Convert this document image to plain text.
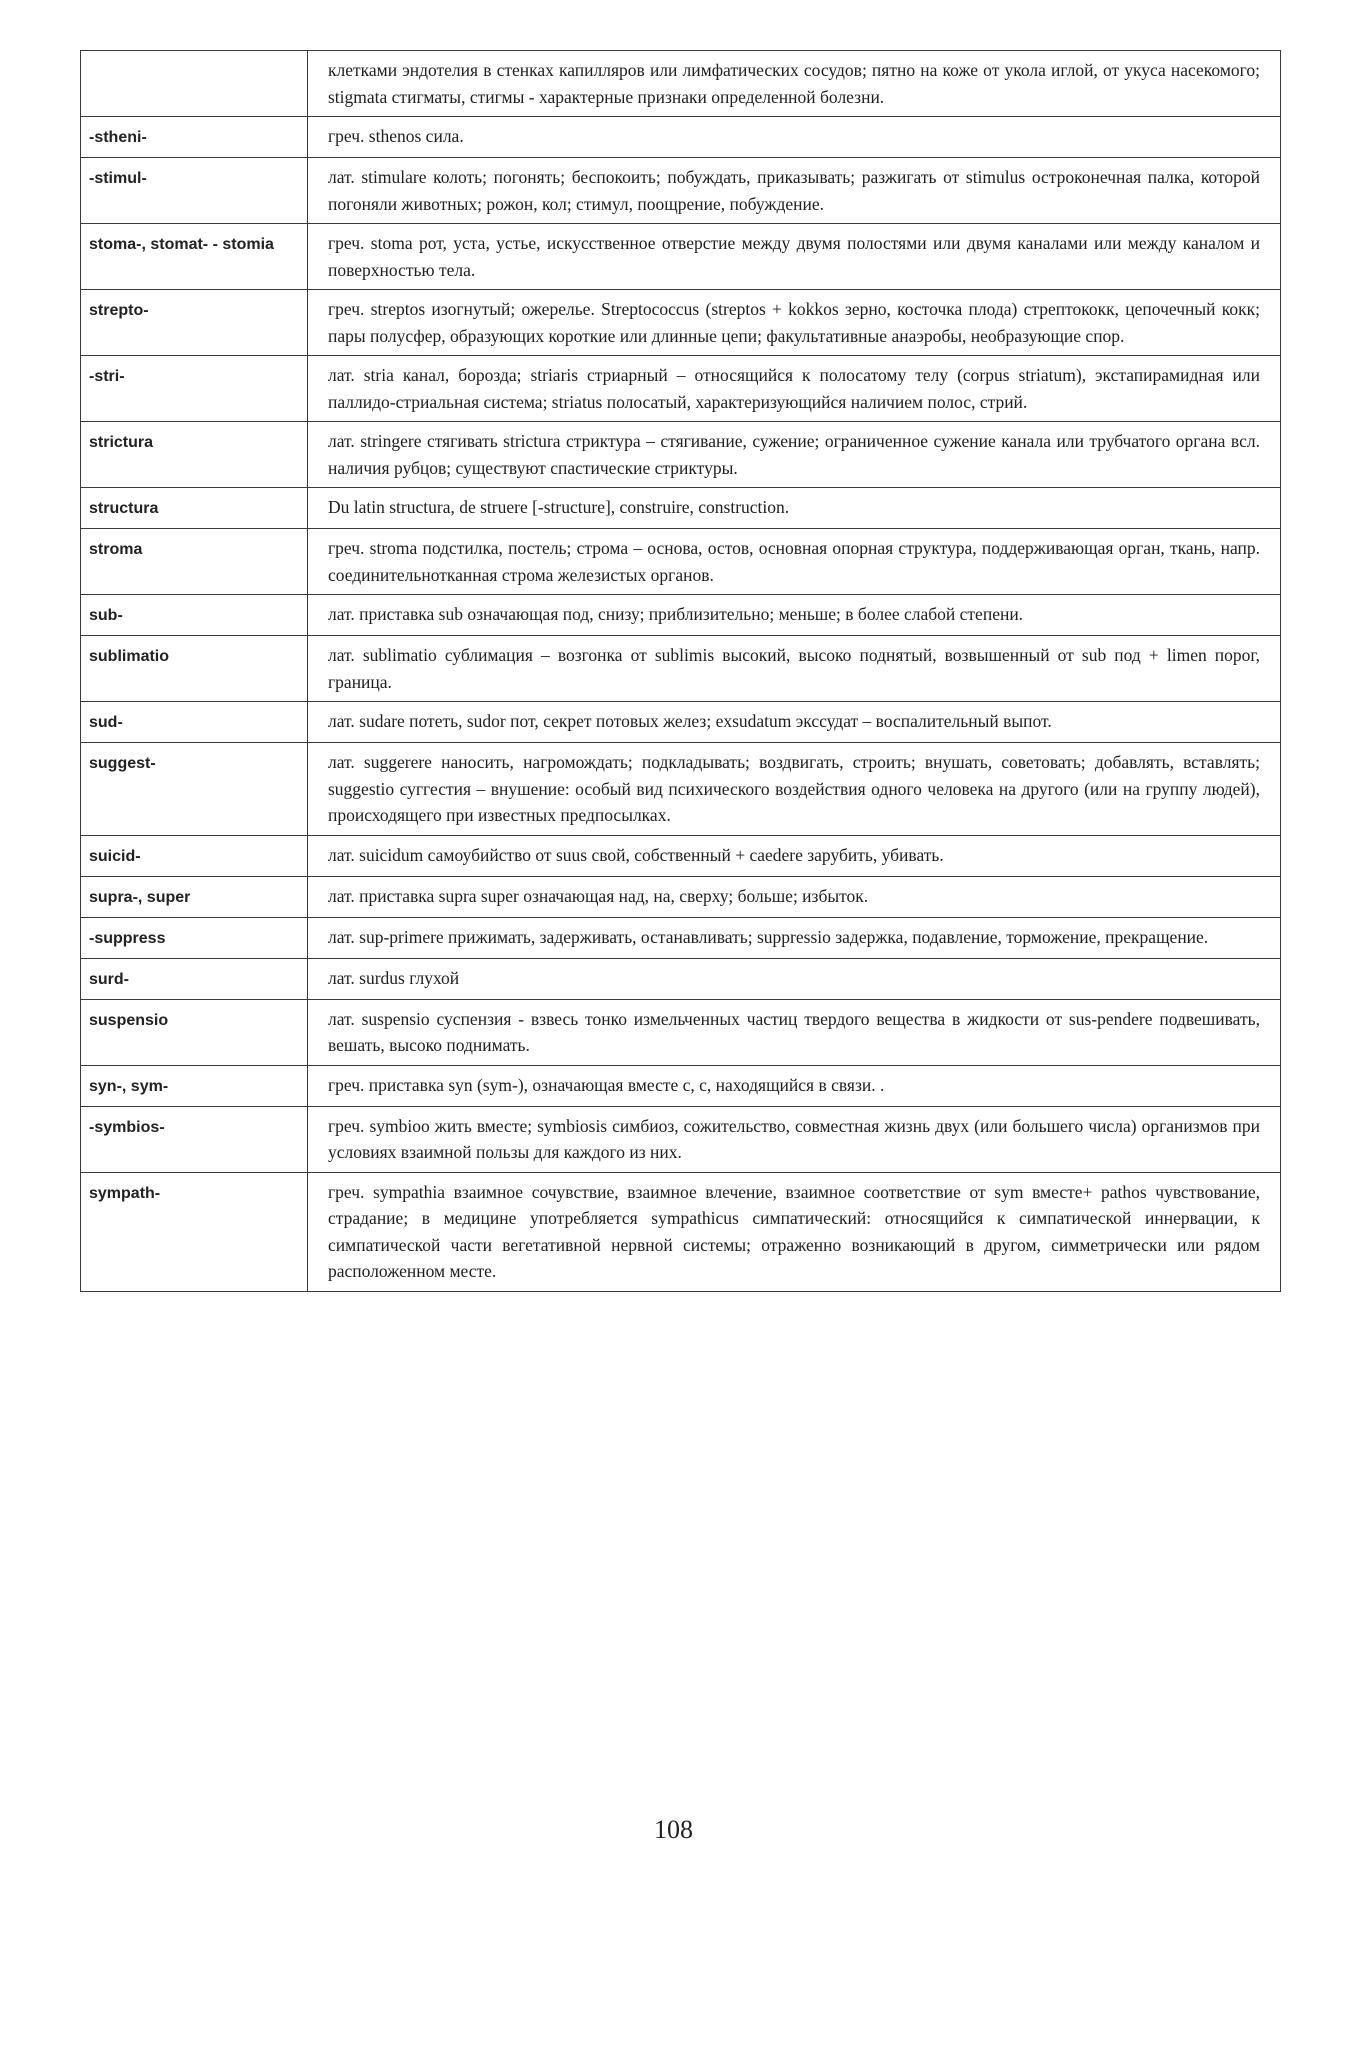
	клетками эндотелия в стенках капилляров или лимфатических сосудов; пятно на коже от укола иглой, от укуса насекомого; stigmata стигматы, стигмы - характерные признаки определенной болезни.

-stheni-	греч. sthenos сила.

-stimul-	лат. stimulare колоть; погонять; беспокоить; побуждать, приказывать; разжигать от stimulus остроконечная палка, которой погоняли животных; рожон, кол; стимул, поощрение, побуждение.

stoma-, stomat- - stomia	греч. stoma рот, уста, устье, искусственное отверстие между двумя полостями или двумя каналами или между каналом и поверхностью тела.

strepto-	греч. streptos изогнутый; ожерелье. Streptococcus (streptos + kokkos зерно, косточка плода) стрептококк, цепочечный кокк; пары полусфер, образующих короткие или длинные цепи; факультативные анаэробы, необразующие спор.

-stri-	лат. stria канал, борозда; striaris стриарный – относящийся к полосатому телу (corpus striatum), экстапирамидная или паллидо-стриальная система; striatus полосатый, характеризующийся наличием полос, стрий.

strictura	лат. stringere стягивать strictura стриктура – стягивание, сужение; ограниченное сужение канала или трубчатого органа вcл. наличия рубцов; существуют спастические стриктуры.

structura	Du latin structura, de struere [-structure], construire, construction.

stroma	греч. stroma подстилка, постель; строма – основа, остов, основная опорная структура, поддерживающая орган, ткань, напр. соединительнотканная строма железистых органов.

sub-	лат. приставка sub означающая под, снизу; приблизительно; меньше; в более слабой степени.

sublimatio	лат. sublimatio сублимация – возгонка от sublimis высокий, высоко поднятый, возвышенный от sub под + limen порог, граница.

sud-	лат. sudare потеть, sudor пот, секрет потовых желез; exsudatum экссудат – воспалительный выпот.

suggest-	лат. suggerere наносить, нагромождать; подкладывать; воздвигать, строить; внушать, советовать; добавлять, вставлять; suggestio суггестия – внушение: особый вид психического воздействия одного человека на другого (или на группу людей), происходящего при известных предпосылках.

suicid-	лат. suicidum самоубийство от suus свой, собственный + caedere зарубить, убивать.

supra-, super	лат. приставка supra super означающая над, на, сверху; больше; избыток.

-suppress	лат. sup-primere прижимать, задерживать, останавливать; suppressio задержка, подавление, торможение, прекращение.

surd-	лат. surdus глухой

suspensio	лат. suspensio суспензия - взвесь тонко измельченных частиц твердого вещества в жидкости от sus-pendere подвешивать, вешать, высоко поднимать.

syn-, sym-	греч. приставка syn (sym-), означающая вместе с, с, находящийся в связи. .

-symbios-	греч. symbioo жить вместе; symbiosis симбиоз, сожительство, совместная жизнь двух (или большего числа) организмов при условиях взаимной пользы для каждого из них.

sympath-	греч. sympathia взаимное сочувствие, взаимное влечение, взаимное соответствие от sym вместе+ pathos чувствование, страдание; в медицине употребляется sympathicus симпатический: относящийся к симпатической иннервации, к симпатической части вегетативной нервной системы; отраженно возникающий в другом, симметрически или рядом расположенном месте.
108
